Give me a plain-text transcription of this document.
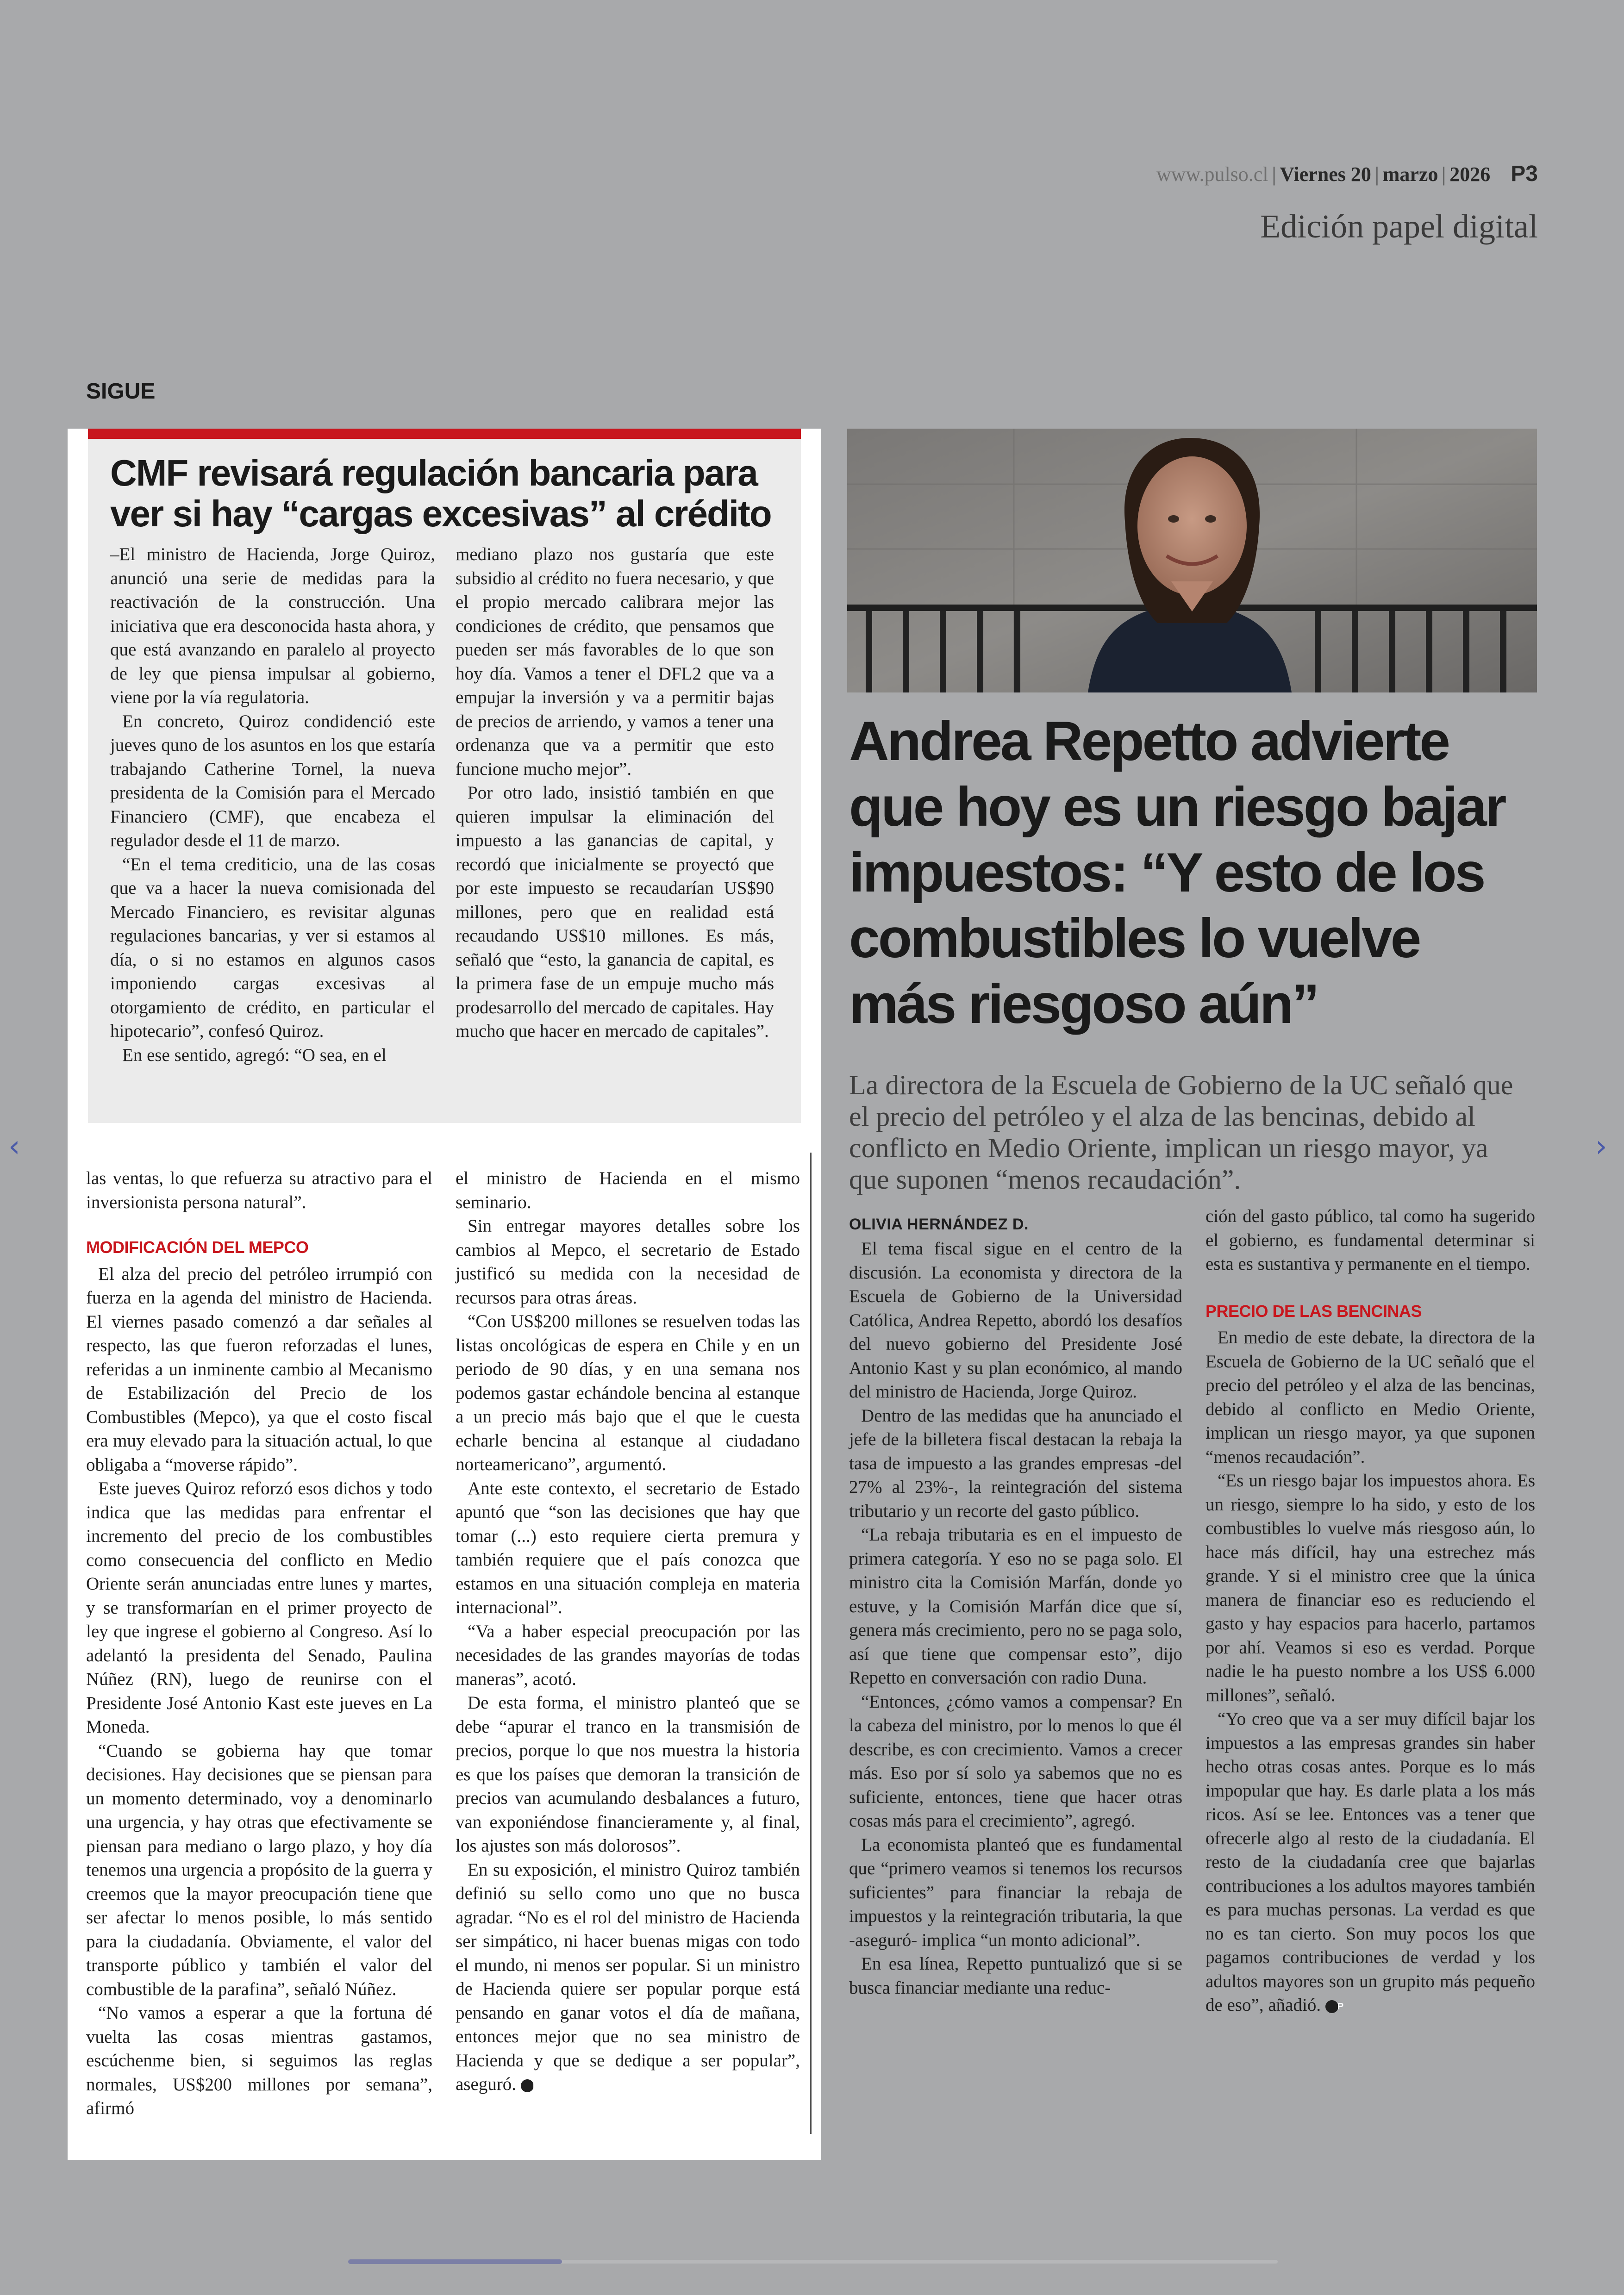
www.pulso.cl | Viernes 20 | marzo | 2026 P3
Edición papel digital
SIGUE
CMF revisará regulación bancaria para ver si hay “cargas excesivas” al crédito

–El ministro de Hacienda, Jorge Quiroz, anunció una serie de medidas para la reactivación de la construcción. Una iniciativa que era desconocida hasta ahora, y que está avanzando en paralelo al proyecto de ley que piensa impulsar al gobierno, viene por la vía regulatoria.

En concreto, Quiroz condidenció este jueves quno de los asuntos en los que estaría trabajando Catherine Tornel, la nueva presidenta de la Comisión para el Mercado Financiero (CMF), que encabeza el regulador desde el 11 de marzo.

“En el tema crediticio, una de las cosas que va a hacer la nueva comisionada del Mercado Financiero, es revisitar algunas regulaciones bancarias, y ver si estamos al día, o si no estamos en algunos casos imponiendo cargas excesivas al otorgamiento de crédito, en particular el hipotecario”, confesó Quiroz.

En ese sentido, agregó: “O sea, en el

mediano plazo nos gustaría que este subsidio al crédito no fuera necesario, y que el propio mercado calibrara mejor las condiciones de crédito, que pensamos que pueden ser más favorables de lo que son hoy día. Vamos a tener el DFL2 que va a empujar la inversión y va a permitir bajas de precios de arriendo, y vamos a tener una ordenanza que va a permitir que esto funcione mucho mejor”.

Por otro lado, insistió también en que quieren impulsar la eliminación del impuesto a las ganancias de capital, y recordó que inicialmente se proyectó que por este impuesto se recaudarían US$90 millones, pero que en realidad está recaudando US$10 millones. Es más, señaló que “esto, la ganancia de capital, es la primera fase de un empuje mucho más prodesarrollo del mercado de capitales. Hay mucho que hacer en mercado de capitales”.

las ventas, lo que refuerza su atractivo para el inversionista persona natural”.

MODIFICACIÓN DEL MEPCO

El alza del precio del petróleo irrumpió con fuerza en la agenda del ministro de Hacienda. El viernes pasado comenzó a dar señales al respecto, las que fueron reforzadas el lunes, referidas a un inminente cambio al Mecanismo de Estabilización del Precio de los Combustibles (Mepco), ya que el costo fiscal era muy elevado para la situación actual, lo que obligaba a “moverse rápido”.

Este jueves Quiroz reforzó esos dichos y todo indica que las medidas para enfrentar el incremento del precio de los combustibles como consecuencia del conflicto en Medio Oriente serán anunciadas entre lunes y martes, y se transformarían en el primer proyecto de ley que ingrese el gobierno al Congreso. Así lo adelantó la presidenta del Senado, Paulina Núñez (RN), luego de reunirse con el Presidente José Antonio Kast este jueves en La Moneda.

“Cuando se gobierna hay que tomar decisiones. Hay decisiones que se piensan para un momento determinado, voy a denominarlo una urgencia, y hay otras que efectivamente se piensan para mediano o largo plazo, y hoy día tenemos una urgencia a propósito de la guerra y creemos que la mayor preocupación tiene que ser afectar lo menos posible, lo más sentido para la ciudadanía. Obviamente, el valor del transporte público y también el valor del combustible de la parafina”, señaló Núñez.

“No vamos a esperar a que la fortuna dé vuelta las cosas mientras gastamos, escúchenme bien, si seguimos las reglas normales, US$200 millones por semana”, afirmó

el ministro de Hacienda en el mismo seminario.

Sin entregar mayores detalles sobre los cambios al Mepco, el secretario de Estado justificó su medida con la necesidad de recursos para otras áreas.

“Con US$200 millones se resuelven todas las listas oncológicas de espera en Chile y en un periodo de 90 días, y en una semana nos podemos gastar echándole bencina al estanque a un precio más bajo que el que le cuesta echarle bencina al estanque al ciudadano norteamericano”, argumentó.

Ante este contexto, el secretario de Estado apuntó que “son las decisiones que hay que tomar (...) esto requiere cierta premura y también requiere que el país conozca que estamos en una situación compleja en materia internacional”.

“Va a haber especial preocupación por las necesidades de las grandes mayorías de todas maneras”, acotó.

De esta forma, el ministro planteó que se debe “apurar el tranco en la transmisión de precios, porque lo que nos muestra la historia es que los países que demoran la transición de precios van acumulando desbalances a futuro, van exponiéndose financieramente y, al final, los ajustes son más dolorosos”.

En su exposición, el ministro Quiroz también definió su sello como uno que no busca agradar. “No es el rol del ministro de Hacienda ser simpático, ni hacer buenas migas con todo el mundo, ni menos ser popular. Si un ministro de Hacienda quiere ser popular porque está pensando en ganar votos el día de mañana, entonces mejor que no sea ministro de Hacienda y que se dedique a ser popular”, aseguró. P

Andrea Repetto advierte que hoy es un riesgo bajar impuestos: “Y esto de los combustibles lo vuelve más riesgoso aún”
La directora de la Escuela de Gobierno de la UC señaló que el precio del petróleo y el alza de las bencinas, debido al conflicto en Medio Oriente, implican un riesgo mayor, ya que suponen “menos recaudación”.
OLIVIA HERNÁNDEZ D.

El tema fiscal sigue en el centro de la discusión. La economista y directora de la Escuela de Gobierno de la Universidad Católica, Andrea Repetto, abordó los desafíos del nuevo gobierno del Presidente José Antonio Kast y su plan económico, al mando del ministro de Hacienda, Jorge Quiroz.

Dentro de las medidas que ha anunciado el jefe de la billetera fiscal destacan la rebaja la tasa de impuesto a las grandes empresas -del 27% al 23%-, la reintegración del sistema tributario y un recorte del gasto público.

“La rebaja tributaria es en el impuesto de primera categoría. Y eso no se paga solo. El ministro cita la Comisión Marfán, donde yo estuve, y la Comisión Marfán dice que sí, genera más crecimiento, pero no se paga solo, así que tiene que compensar esto”, dijo Repetto en conversación con radio Duna.

“Entonces, ¿cómo vamos a compensar? En la cabeza del ministro, por lo menos lo que él describe, es con crecimiento. Vamos a crecer más. Eso por sí solo ya sabemos que no es suficiente, entonces, tiene que hacer otras cosas más para el crecimiento”, agregó.

La economista planteó que es fundamental que “primero veamos si tenemos los recursos suficientes” para financiar la rebaja de impuestos y la reintegración tributaria, la que -aseguró- implica “un monto adicional”.

En esa línea, Repetto puntualizó que si se busca financiar mediante una reduc-

ción del gasto público, tal como ha sugerido el gobierno, es fundamental determinar si esta es sustantiva y permanente en el tiempo.

PRECIO DE LAS BENCINAS

En medio de este debate, la directora de la Escuela de Gobierno de la UC señaló que el precio del petróleo y el alza de las bencinas, debido al conflicto en Medio Oriente, implican un riesgo mayor, ya que suponen “menos recaudación”.

“Es un riesgo bajar los impuestos ahora. Es un riesgo, siempre lo ha sido, y esto de los combustibles lo vuelve más riesgoso aún, lo hace más difícil, hay una estrechez más grande. Y si el ministro cree que la única manera de financiar eso es reduciendo el gasto y hay espacios para hacerlo, partamos por ahí. Veamos si eso es verdad. Porque nadie le ha puesto nombre a los US$ 6.000 millones”, señaló.

“Yo creo que va a ser muy difícil bajar los impuestos a las empresas grandes sin haber hecho otras cosas antes. Porque es lo más impopular que hay. Es darle plata a los más ricos. Así se lee. Entonces vas a tener que ofrecerle algo al resto de la ciudadanía. El resto de la ciudadanía cree que bajarlas contribuciones a los adultos mayores también es para muchas personas. La verdad es que no es tan cierto. Son muy pocos los que pagamos contribuciones de verdad y los adultos mayores son un grupito más pequeño de eso”, añadió. P

‹	›
